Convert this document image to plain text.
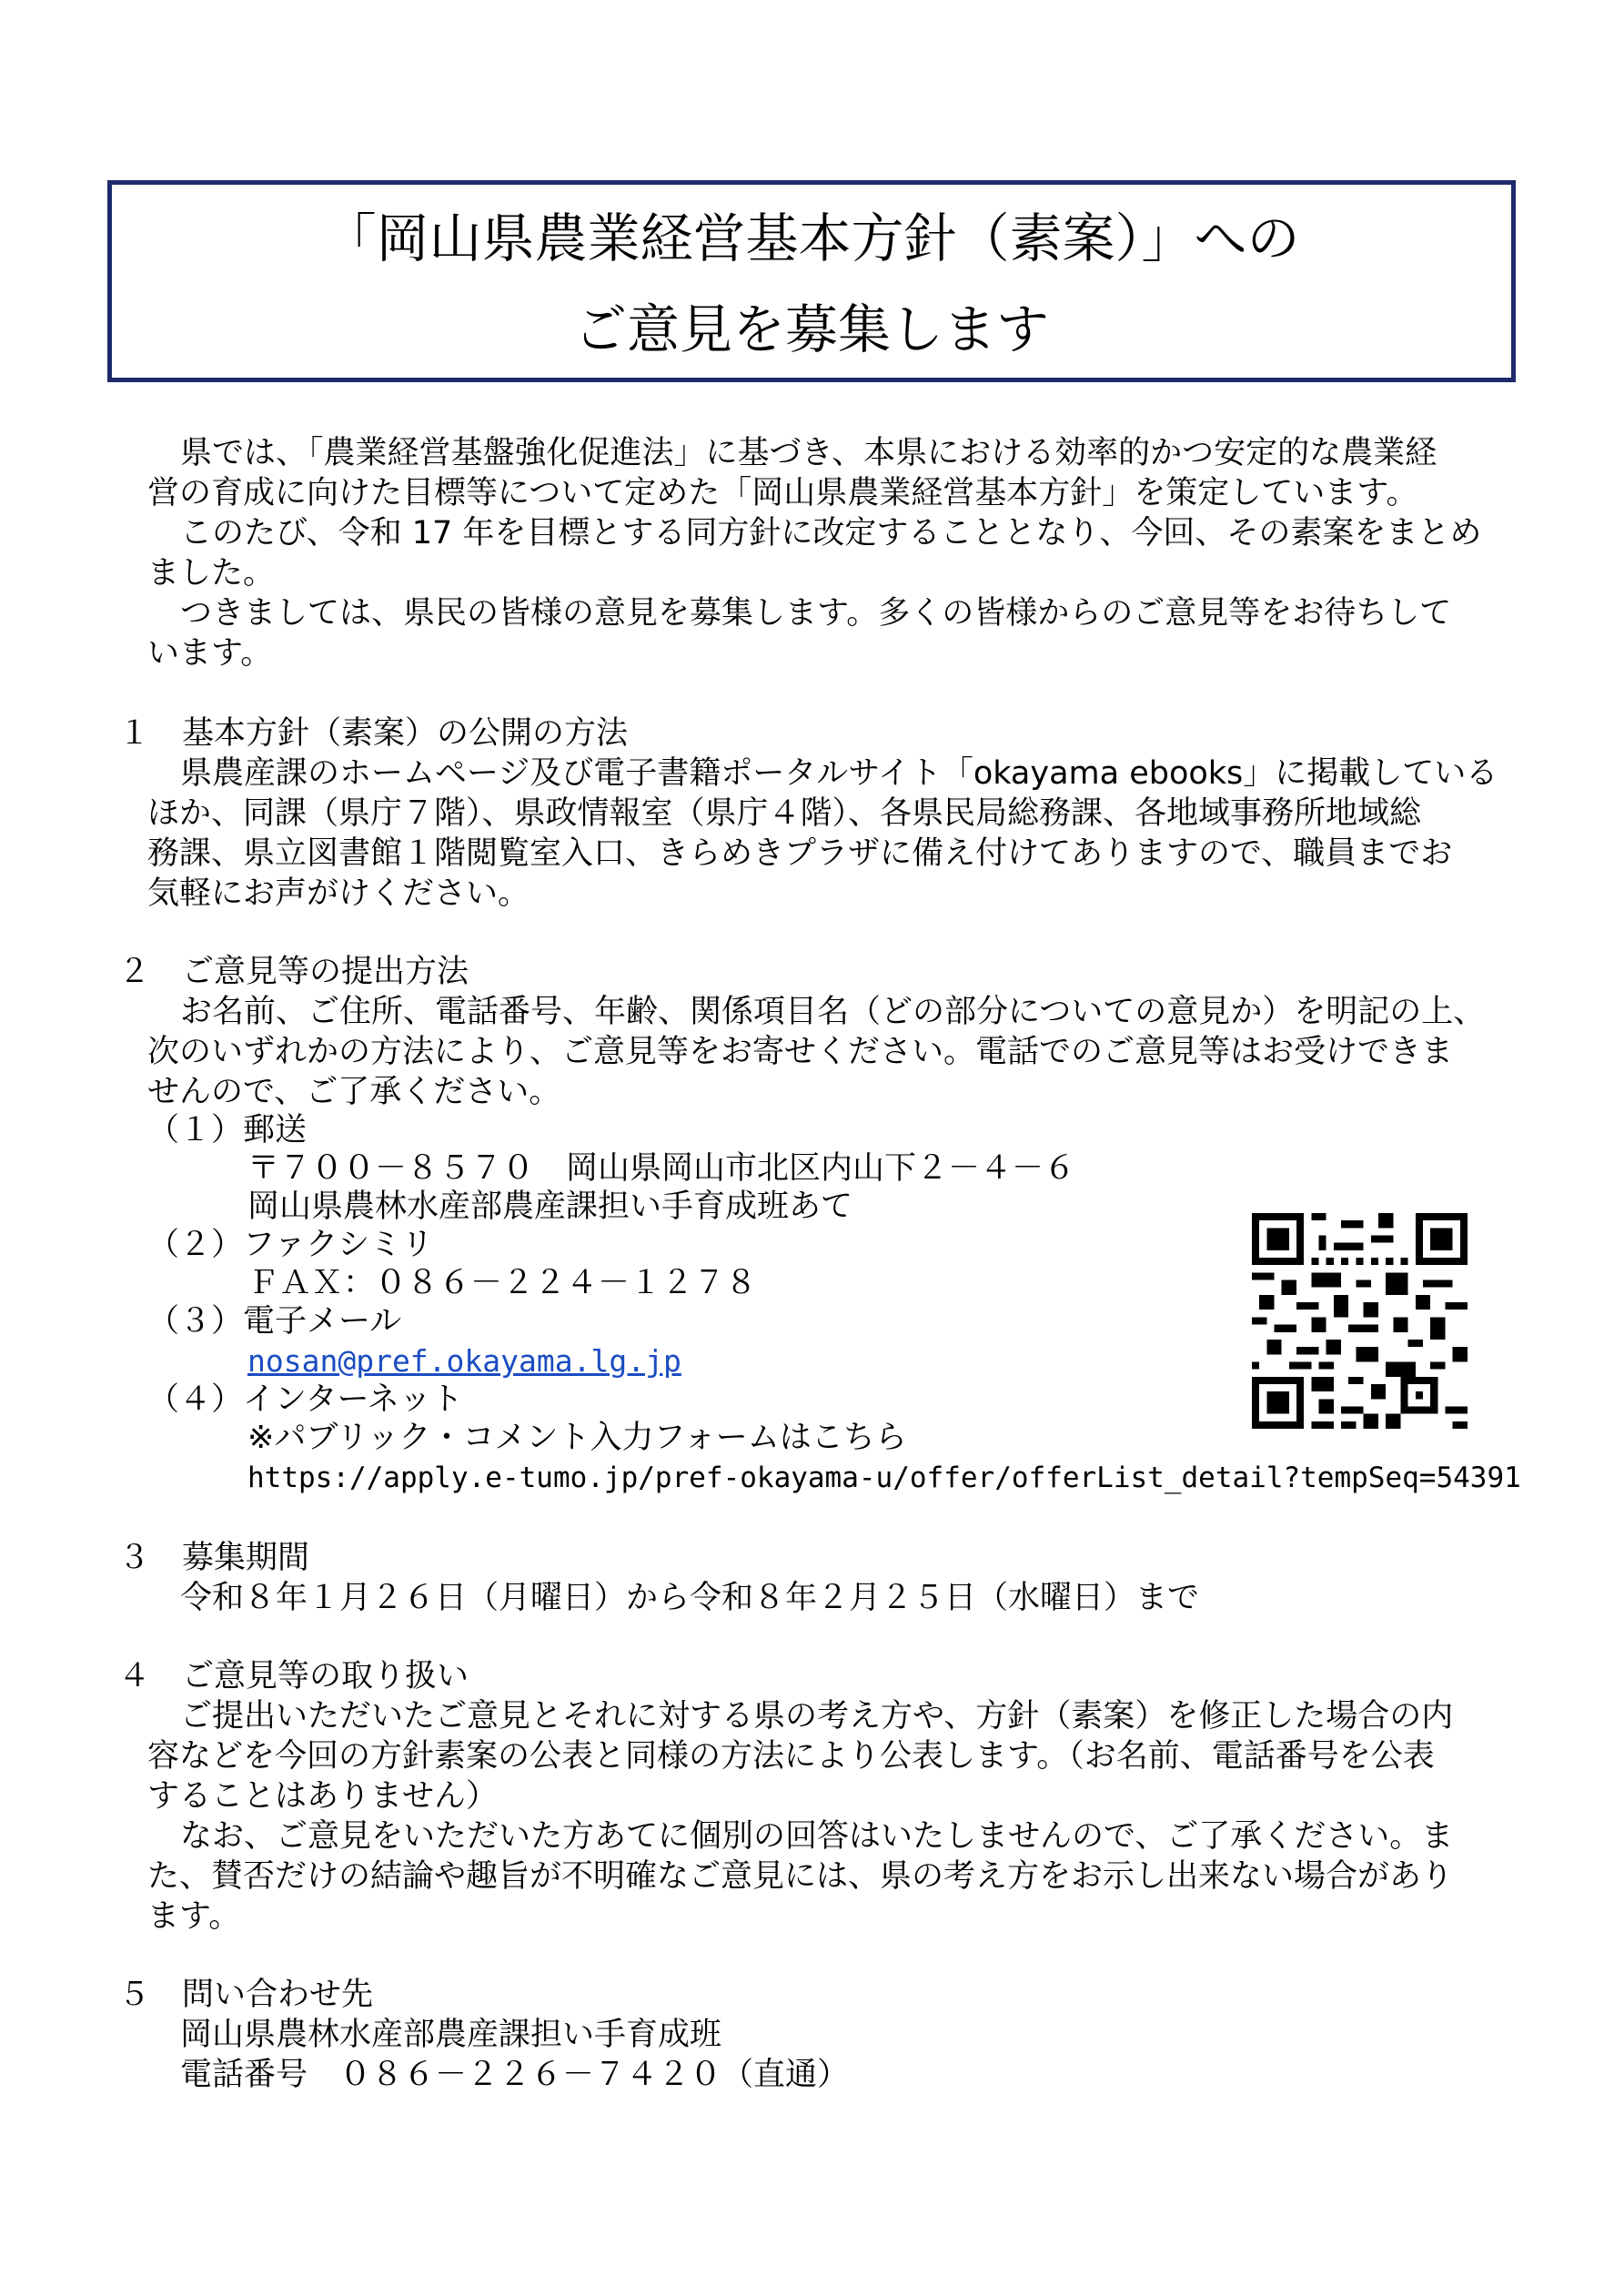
「岡山県農業経営基本方針（素案）」への
ご意見を募集します
県では、「農業経営基盤強化促進法」に基づき、本県における効率的かつ安定的な農業経
営の育成に向けた目標等について定めた「岡山県農業経営基本方針」を策定しています。
このたび、令和 17 年を目標とする同方針に改定することとなり、今回、その素案をまとめ
ました。
つきましては、県民の皆様の意見を募集します。多くの皆様からのご意見等をお待ちして
います。
１　基本方針（素案）の公開の方法
県農産課のホームページ及び電子書籍ポータルサイト「okayama ebooks」に掲載している
ほか、同課（県庁７階）、県政情報室（県庁４階）、各県民局総務課、各地域事務所地域総
務課、県立図書館１階閲覧室入口、きらめきプラザに備え付けてありますので、職員までお
気軽にお声がけください。
２　ご意見等の提出方法
お名前、ご住所、電話番号、年齢、関係項目名（どの部分についての意見か）を明記の上、
次のいずれかの方法により、ご意見等をお寄せください。電話でのご意見等はお受けできま
せんので、ご了承ください。
（１）郵送
〒７００－８５７０　岡山県岡山市北区内山下２－４－６
岡山県農林水産部農産課担い手育成班あて
（２）ファクシミリ
ＦＡＸ：０８６－２２４－１２７８
（３）電子メール
nosan@pref.okayama.lg.jp
（４）インターネット
※パブリック・コメント入力フォームはこちら
https://apply.e-tumo.jp/pref-okayama-u/offer/offerList_detail?tempSeq=54391
３　募集期間
令和８年１月２６日（月曜日）から令和８年２月２５日（水曜日）まで
４　ご意見等の取り扱い
ご提出いただいたご意見とそれに対する県の考え方や、方針（素案）を修正した場合の内
容などを今回の方針素案の公表と同様の方法により公表します。（お名前、電話番号を公表
することはありません）
なお、ご意見をいただいた方あてに個別の回答はいたしませんので、ご了承ください。ま
た、賛否だけの結論や趣旨が不明確なご意見には、県の考え方をお示し出来ない場合があり
ます。
５　問い合わせ先
岡山県農林水産部農産課担い手育成班
電話番号　０８６－２２６－７４２０（直通）
